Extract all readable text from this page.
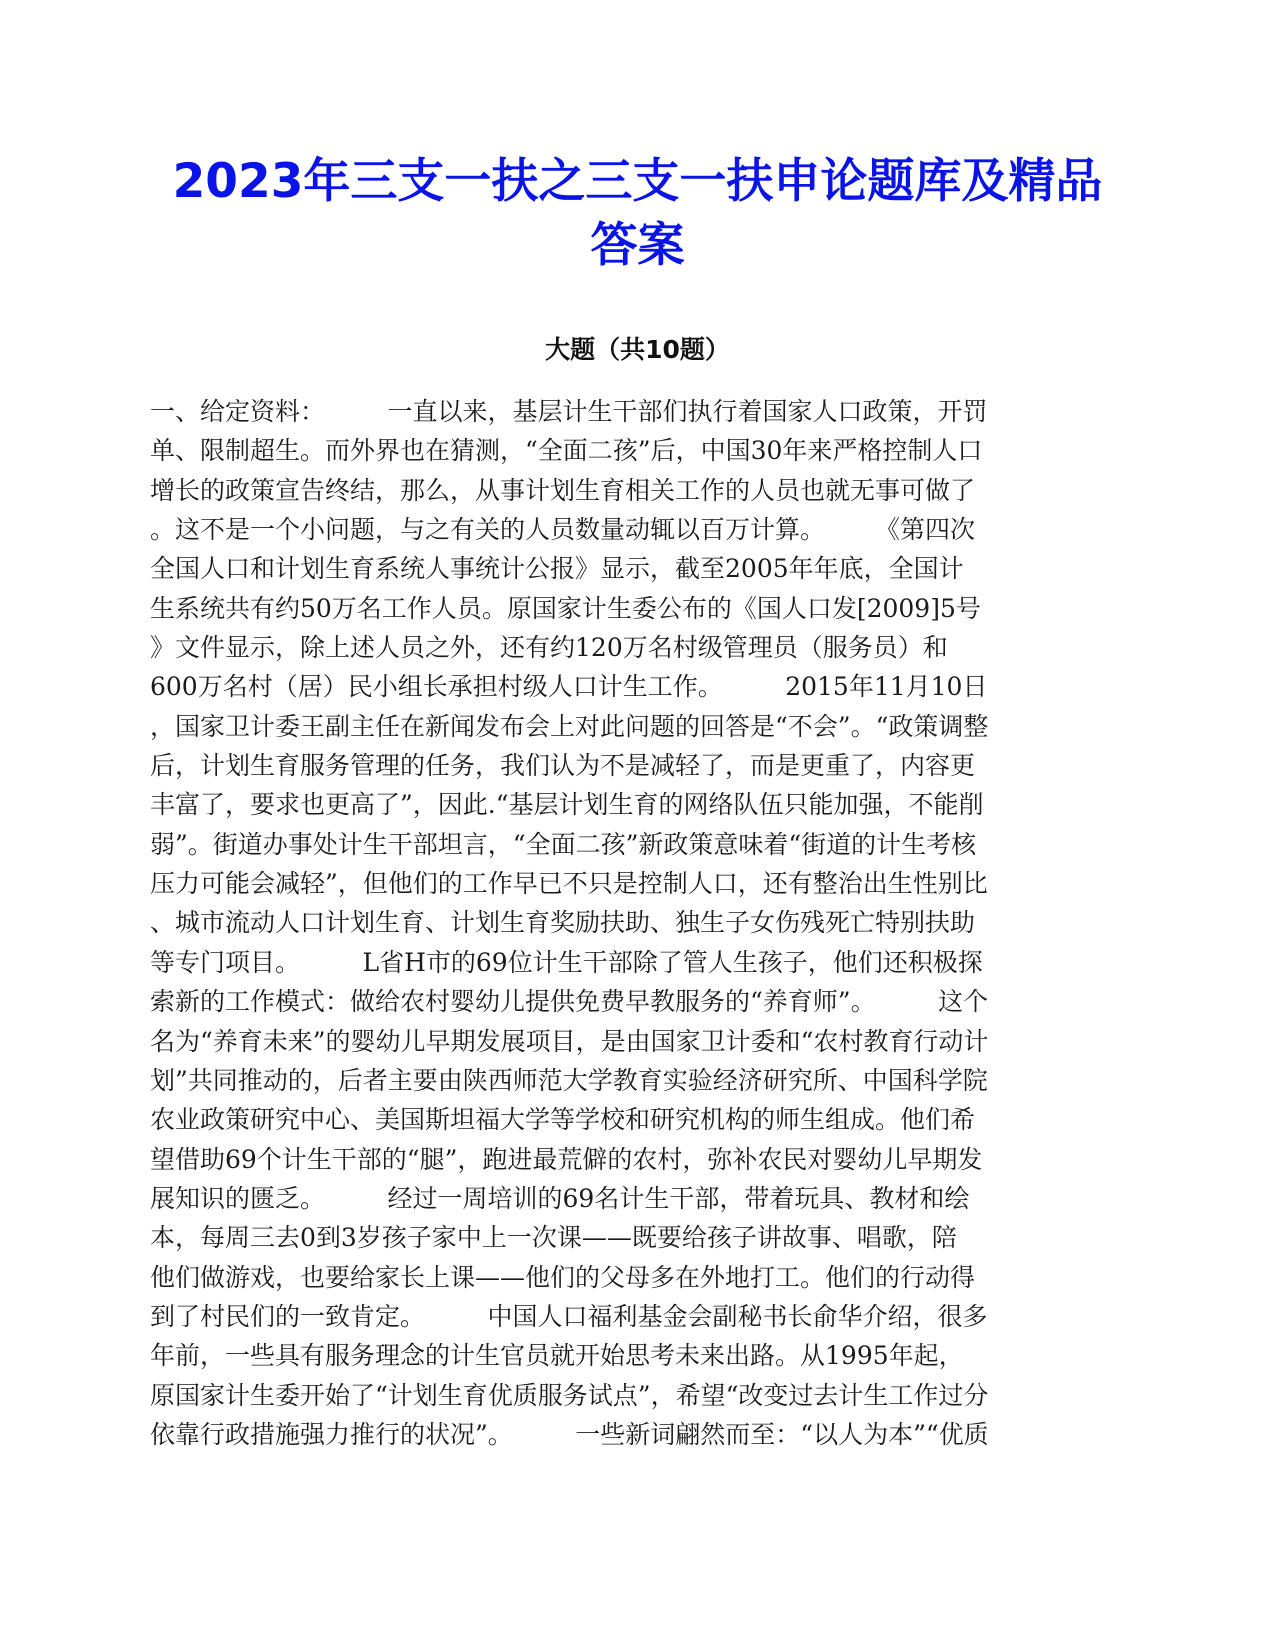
2023年三支一扶之三支一扶申论题库及精品
答案
大题（共10题）
一、给定资料：　　　一直以来，基层计生干部们执行着国家人口政策，开罚
单、限制超生。而外界也在猜测，“全面二孩”后，中国30年来严格控制人口
增长的政策宣告终结，那么，从事计划生育相关工作的人员也就无事可做了
。这不是一个小问题，与之有关的人员数量动辄以百万计算。　　　《第四次
全国人口和计划生育系统人事统计公报》显示，截至2005年年底，全国计
生系统共有约50万名工作人员。原国家计生委公布的《国人口发[2009]5号
》文件显示，除上述人员之外，还有约120万名村级管理员（服务员）和
600万名村（居）民小组长承担村级人口计生工作。　　　2015年11月10日
，国家卫计委王副主任在新闻发布会上对此问题的回答是“不会”。“政策调整
后，计划生育服务管理的任务，我们认为不是减轻了，而是更重了，内容更
丰富了，要求也更高了”，因此.“基层计划生育的网络队伍只能加强，不能削
弱”。街道办事处计生干部坦言，“全面二孩”新政策意味着“街道的计生考核
压力可能会减轻”，但他们的工作早已不只是控制人口，还有整治出生性别比
、城市流动人口计划生育、计划生育奖励扶助、独生子女伤残死亡特别扶助
等专门项目。　　　L省H市的69位计生干部除了管人生孩子，他们还积极探
索新的工作模式：做给农村婴幼儿提供免费早教服务的“养育师”。　　　这个
名为“养育未来”的婴幼儿早期发展项目，是由国家卫计委和“农村教育行动计
划”共同推动的，后者主要由陕西师范大学教育实验经济研究所、中国科学院
农业政策研究中心、美国斯坦福大学等学校和研究机构的师生组成。他们希
望借助69个计生干部的“腿”，跑进最荒僻的农村，弥补农民对婴幼儿早期发
展知识的匮乏。　　　经过一周培训的69名计生干部，带着玩具、教材和绘
本，每周三去0到3岁孩子家中上一次课——既要给孩子讲故事、唱歌，陪
他们做游戏，也要给家长上课——他们的父母多在外地打工。他们的行动得
到了村民们的一致肯定。　　　中国人口福利基金会副秘书长俞华介绍，很多
年前，一些具有服务理念的计生官员就开始思考未来出路。从1995年起，
原国家计生委开始了“计划生育优质服务试点”，希望“改变过去计生工作过分
依靠行政措施强力推行的状况”。　　　一些新词翩然而至：“以人为本”“优质
